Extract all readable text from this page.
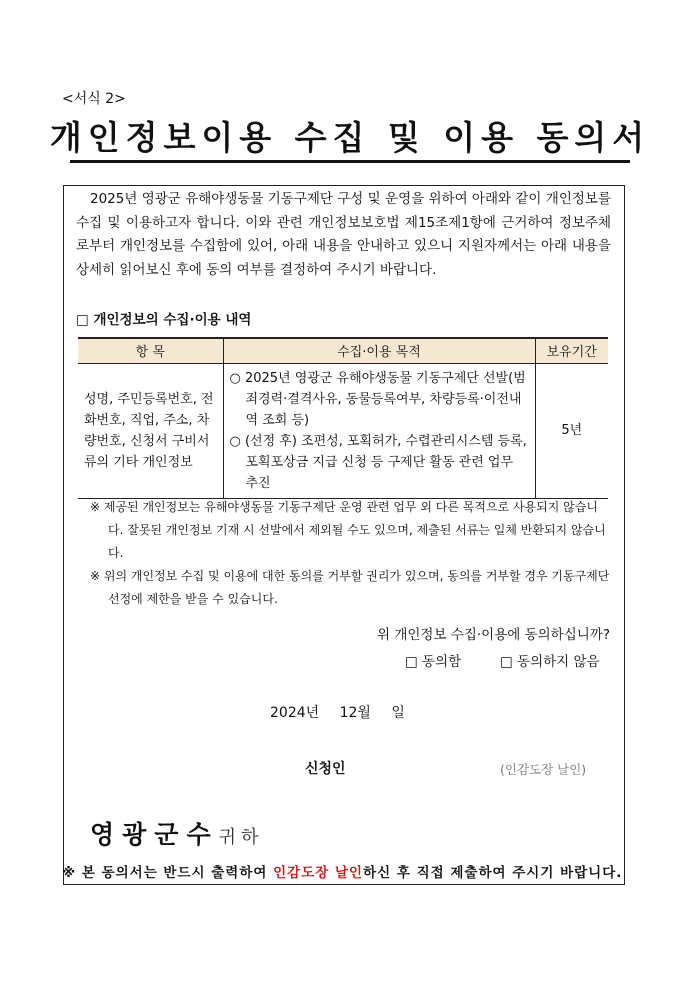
<서식 2>
개인정보이용 수집 및 이용 동의서
2025년 영광군 유해야생동물 기동구제단 구성 및 운영을 위하여 아래와 같이 개인정보를 수집 및 이용하고자 합니다. 이와 관련 개인정보보호법 제15조제1항에 근거하여 정보주체로부터 개인정보를 수집함에 있어, 아래 내용을 안내하고 있으니 지원자께서는 아래 내용을 상세히 읽어보신 후에 동의 여부를 결정하여 주시기 바랍니다.
□ 개인정보의 수집·이용 내역
항 목	수집·이용 목적	보유기간
성명, 주민등록번호, 전화번호, 직업, 주소, 차량번호, 신청서 구비서류의 기타 개인정보	○ 2025년 영광군 유해야생동물 기동구제단 선발(범죄경력·결격사유, 동물등록여부, 차량등록·이전내역 조회 등)
○ (선정 후) 조편성, 포획허가, 수렵관리시스템 등록, 포획포상금 지급 신청 등 구제단 활동 관련 업무 추진	5년
※ 제공된 개인정보는 유해야생동물 기동구제단 운영 관련 업무 외 다른 목적으로 사용되지 않습니다. 잘못된 개인정보 기재 시 선발에서 제외될 수도 있으며, 제출된 서류는 일체 반환되지 않습니다.
※ 위의 개인정보 수집 및 이용에 대한 동의를 거부할 권리가 있으며, 동의를 거부할 경우 기동구제단 선정에 제한을 받을 수 있습니다.
위 개인정보 수집·이용에 동의하십니까?
□ 동의함	□ 동의하지 않음
2024년 12월 일
신청인	(인감도장 날인)
영광군수귀하
※ 본 동의서는 반드시 출력하여 인감도장 날인하신 후 직접 제출하여 주시기 바랍니다.
